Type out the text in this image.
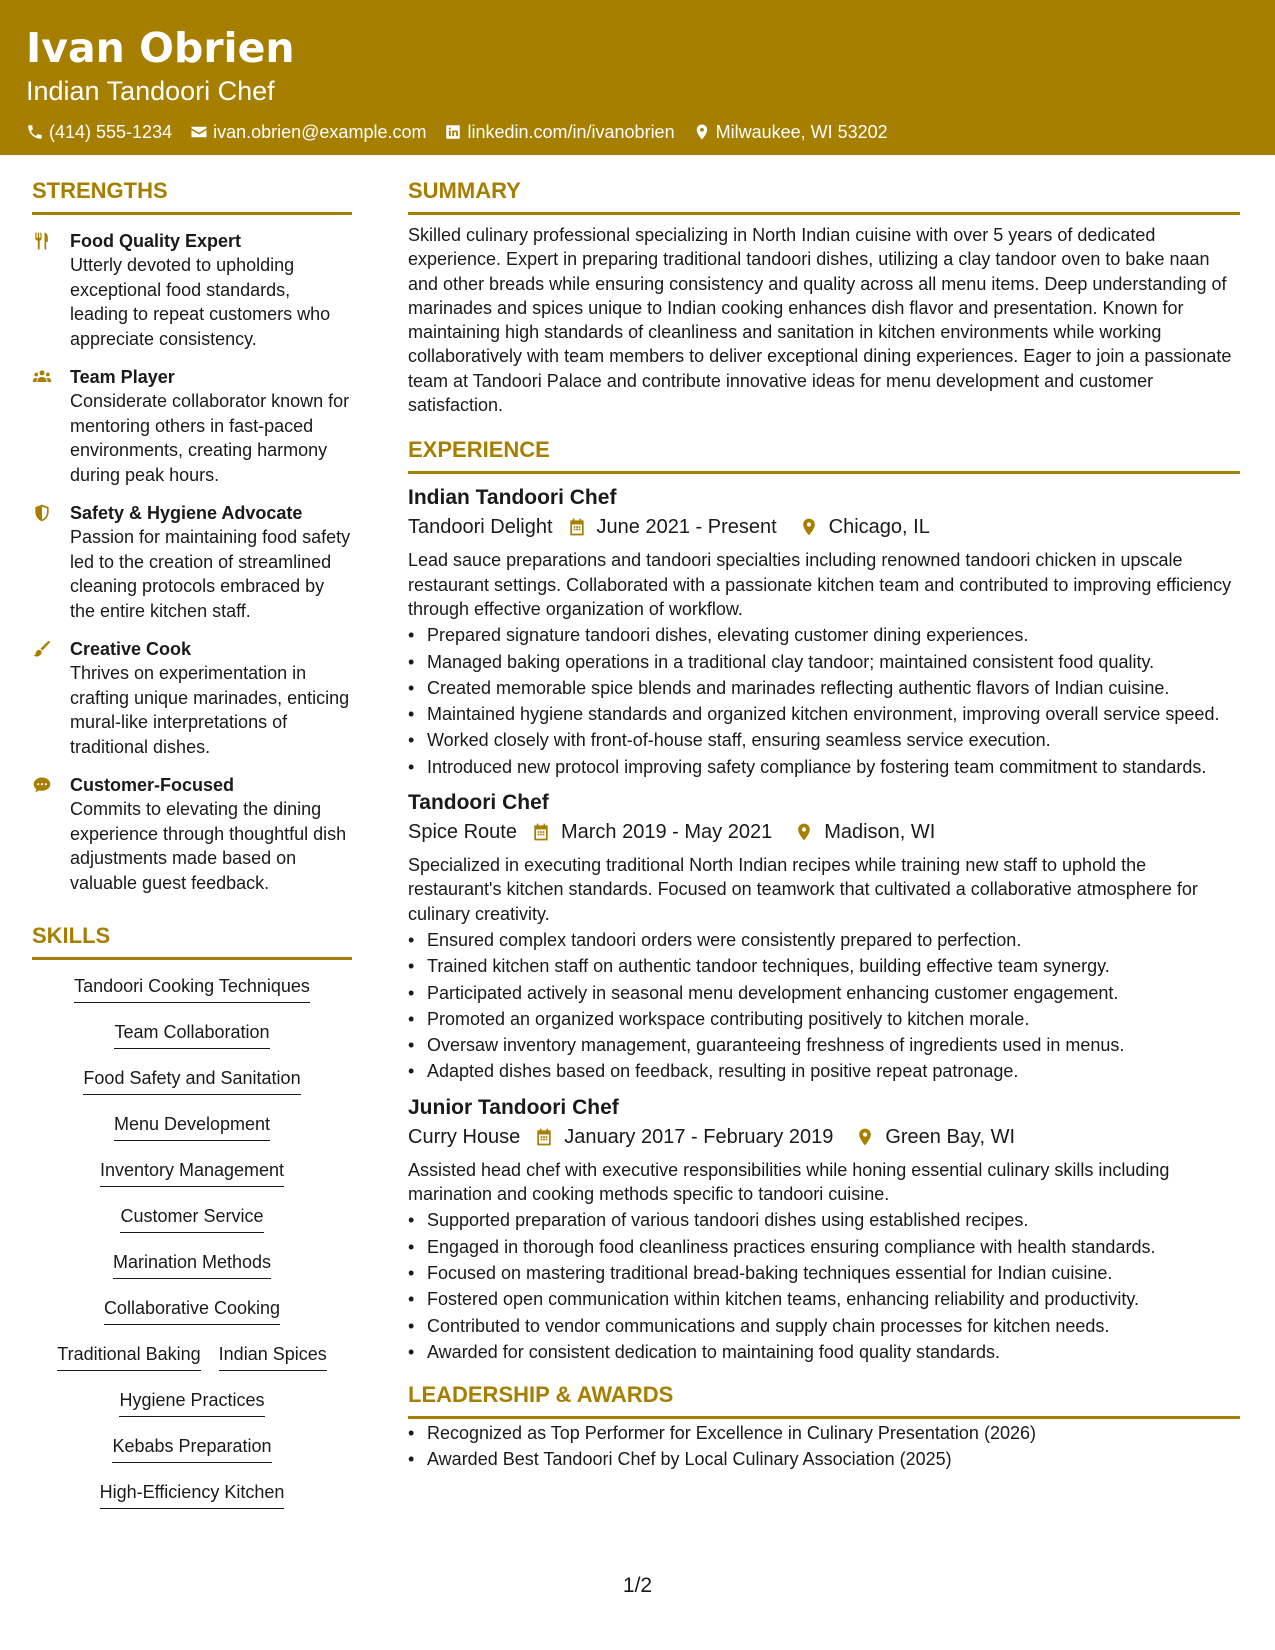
Ivan Obrien
Indian Tandoori Chef
(414) 555-1234 ivan.obrien@example.com linkedin.com/in/ivanobrien Milwaukee, WI 53202
STRENGTHS
Food Quality Expert
Utterly devoted to upholding exceptional food standards, leading to repeat customers who appreciate consistency.
Team Player
Considerate collaborator known for mentoring others in fast-paced environments, creating harmony during peak hours.
Safety & Hygiene Advocate
Passion for maintaining food safety led to the creation of streamlined cleaning protocols embraced by the entire kitchen staff.
Creative Cook
Thrives on experimentation in crafting unique marinades, enticing mural-like interpretations of traditional dishes.
Customer-Focused
Commits to elevating the dining experience through thoughtful dish adjustments made based on valuable guest feedback.
SKILLS
Tandoori Cooking Techniques
Team Collaboration
Food Safety and Sanitation
Menu Development
Inventory Management
Customer Service
Marination Methods
Collaborative Cooking
Traditional Baking Indian Spices
Hygiene Practices
Kebabs Preparation
High-Efficiency Kitchen
SUMMARY
Skilled culinary professional specializing in North Indian cuisine with over 5 years of dedicated experience. Expert in preparing traditional tandoori dishes, utilizing a clay tandoor oven to bake naan and other breads while ensuring consistency and quality across all menu items. Deep understanding of marinades and spices unique to Indian cooking enhances dish flavor and presentation. Known for maintaining high standards of cleanliness and sanitation in kitchen environments while working collaboratively with team members to deliver exceptional dining experiences. Eager to join a passionate team at Tandoori Palace and contribute innovative ideas for menu development and customer satisfaction.
EXPERIENCE
Indian Tandoori Chef
Tandoori Delight June 2021 - Present	Chicago, IL
Lead sauce preparations and tandoori specialties including renowned tandoori chicken in upscale restaurant settings. Collaborated with a passionate kitchen team and contributed to improving efficiency through effective organization of workflow.
• Prepared signature tandoori dishes, elevating customer dining experiences.
• Managed baking operations in a traditional clay tandoor; maintained consistent food quality.
• Created memorable spice blends and marinades reflecting authentic flavors of Indian cuisine.
• Maintained hygiene standards and organized kitchen environment, improving overall service speed.
• Worked closely with front-of-house staff, ensuring seamless service execution.
• Introduced new protocol improving safety compliance by fostering team commitment to standards.
Tandoori Chef
Spice Route March 2019 - May 2021	Madison, WI
Specialized in executing traditional North Indian recipes while training new staff to uphold the restaurant's kitchen standards. Focused on teamwork that cultivated a collaborative atmosphere for culinary creativity.
• Ensured complex tandoori orders were consistently prepared to perfection.
• Trained kitchen staff on authentic tandoor techniques, building effective team synergy.
• Participated actively in seasonal menu development enhancing customer engagement.
• Promoted an organized workspace contributing positively to kitchen morale.
• Oversaw inventory management, guaranteeing freshness of ingredients used in menus.
• Adapted dishes based on feedback, resulting in positive repeat patronage.
Junior Tandoori Chef
Curry House January 2017 - February 2019	Green Bay, WI
Assisted head chef with executive responsibilities while honing essential culinary skills including marination and cooking methods specific to tandoori cuisine.
• Supported preparation of various tandoori dishes using established recipes.
• Engaged in thorough food cleanliness practices ensuring compliance with health standards.
• Focused on mastering traditional bread-baking techniques essential for Indian cuisine.
• Fostered open communication within kitchen teams, enhancing reliability and productivity.
• Contributed to vendor communications and supply chain processes for kitchen needs.
• Awarded for consistent dedication to maintaining food quality standards.
LEADERSHIP & AWARDS
• Recognized as Top Performer for Excellence in Culinary Presentation (2026)
• Awarded Best Tandoori Chef by Local Culinary Association (2025)
1/2
